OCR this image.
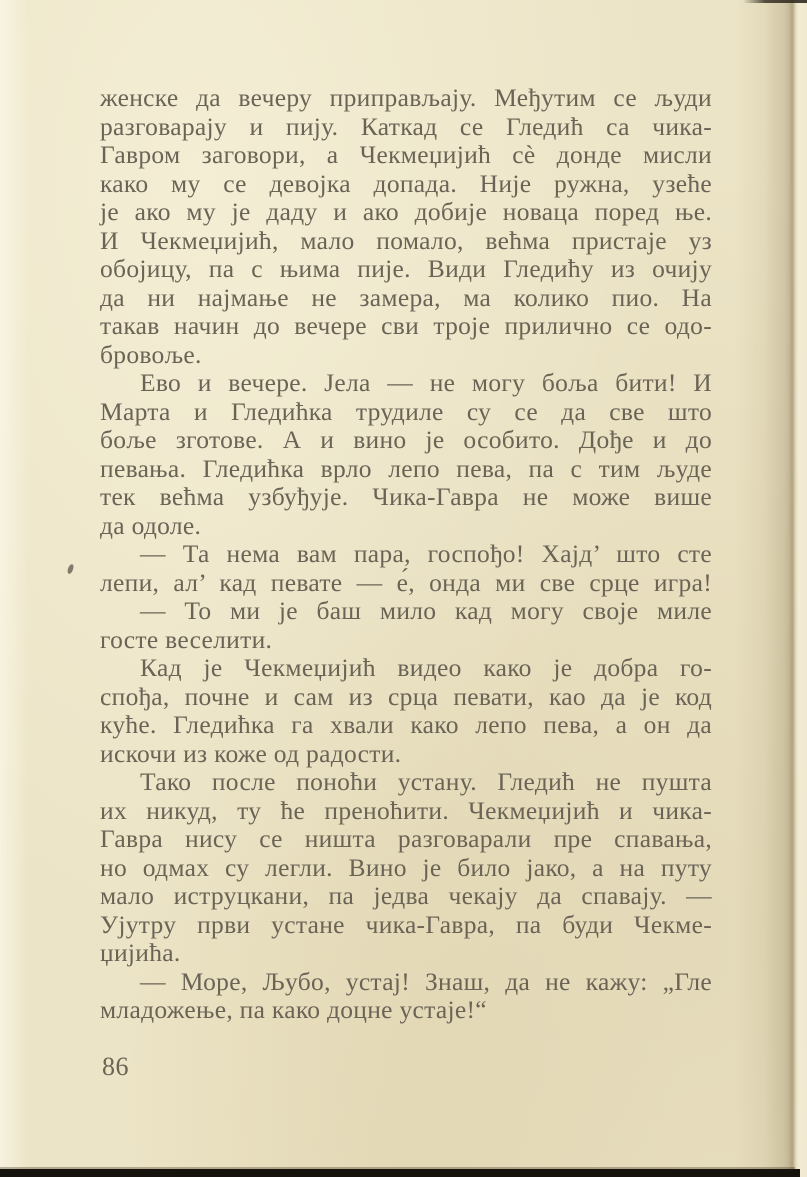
женске да вечеру приправљају. Међутим се људи
разговарају и пију. Каткад се Гледић са чика-
Гавром заговори, а Чекмеџијић сѐ донде мисли
како му се девојка допада. Није ружна, узеће
је ако му је даду и ако добије новаца поред ње.
И Чекмеџијић, мало помало, већма пристаје уз
обојицу, па с њима пије. Види Гледићу из очију
да ни најмање не замера, ма колико пио. На
такав начин до вечере сви троје прилично се одо-
бровоље.
Ево и вечере. Јела — не могу боља бити! И
Марта и Гледићка трудиле су се да све што
боље зготове. А и вино је особито. Дође и до
певања. Гледићка врло лепо пева, па с тим људе
тек већма узбуђује. Чика-Гавра не може више
да одоле.
— Та нема вам пара, госпођо! Хајд’ што сте
лепи, ал’ кад певате — е́, онда ми све срце игра!
— То ми је баш мило кад могу своје миле
госте веселити.
Кад је Чекмеџијић видео како је добра го-
спођа, почне и сам из срца певати, као да је код
куће. Гледићка га хвали како лепо пева, а он да
искочи из коже од радости.
Тако после поноћи устану. Гледић не пушта
их никуд, ту ће преноћити. Чекмеџијић и чика-
Гавра нису се ништа разговарали пре спавања,
но одмах су легли. Вино је било јако, а на путу
мало иструцкани, па једва чекају да спавају. —
Ујутру први устане чика-Гавра, па буди Чекме-
џијића.
— Море, Љубо, устај! Знаш, да не кажу: „Гле
младожење, па како доцне устаје!“
86
